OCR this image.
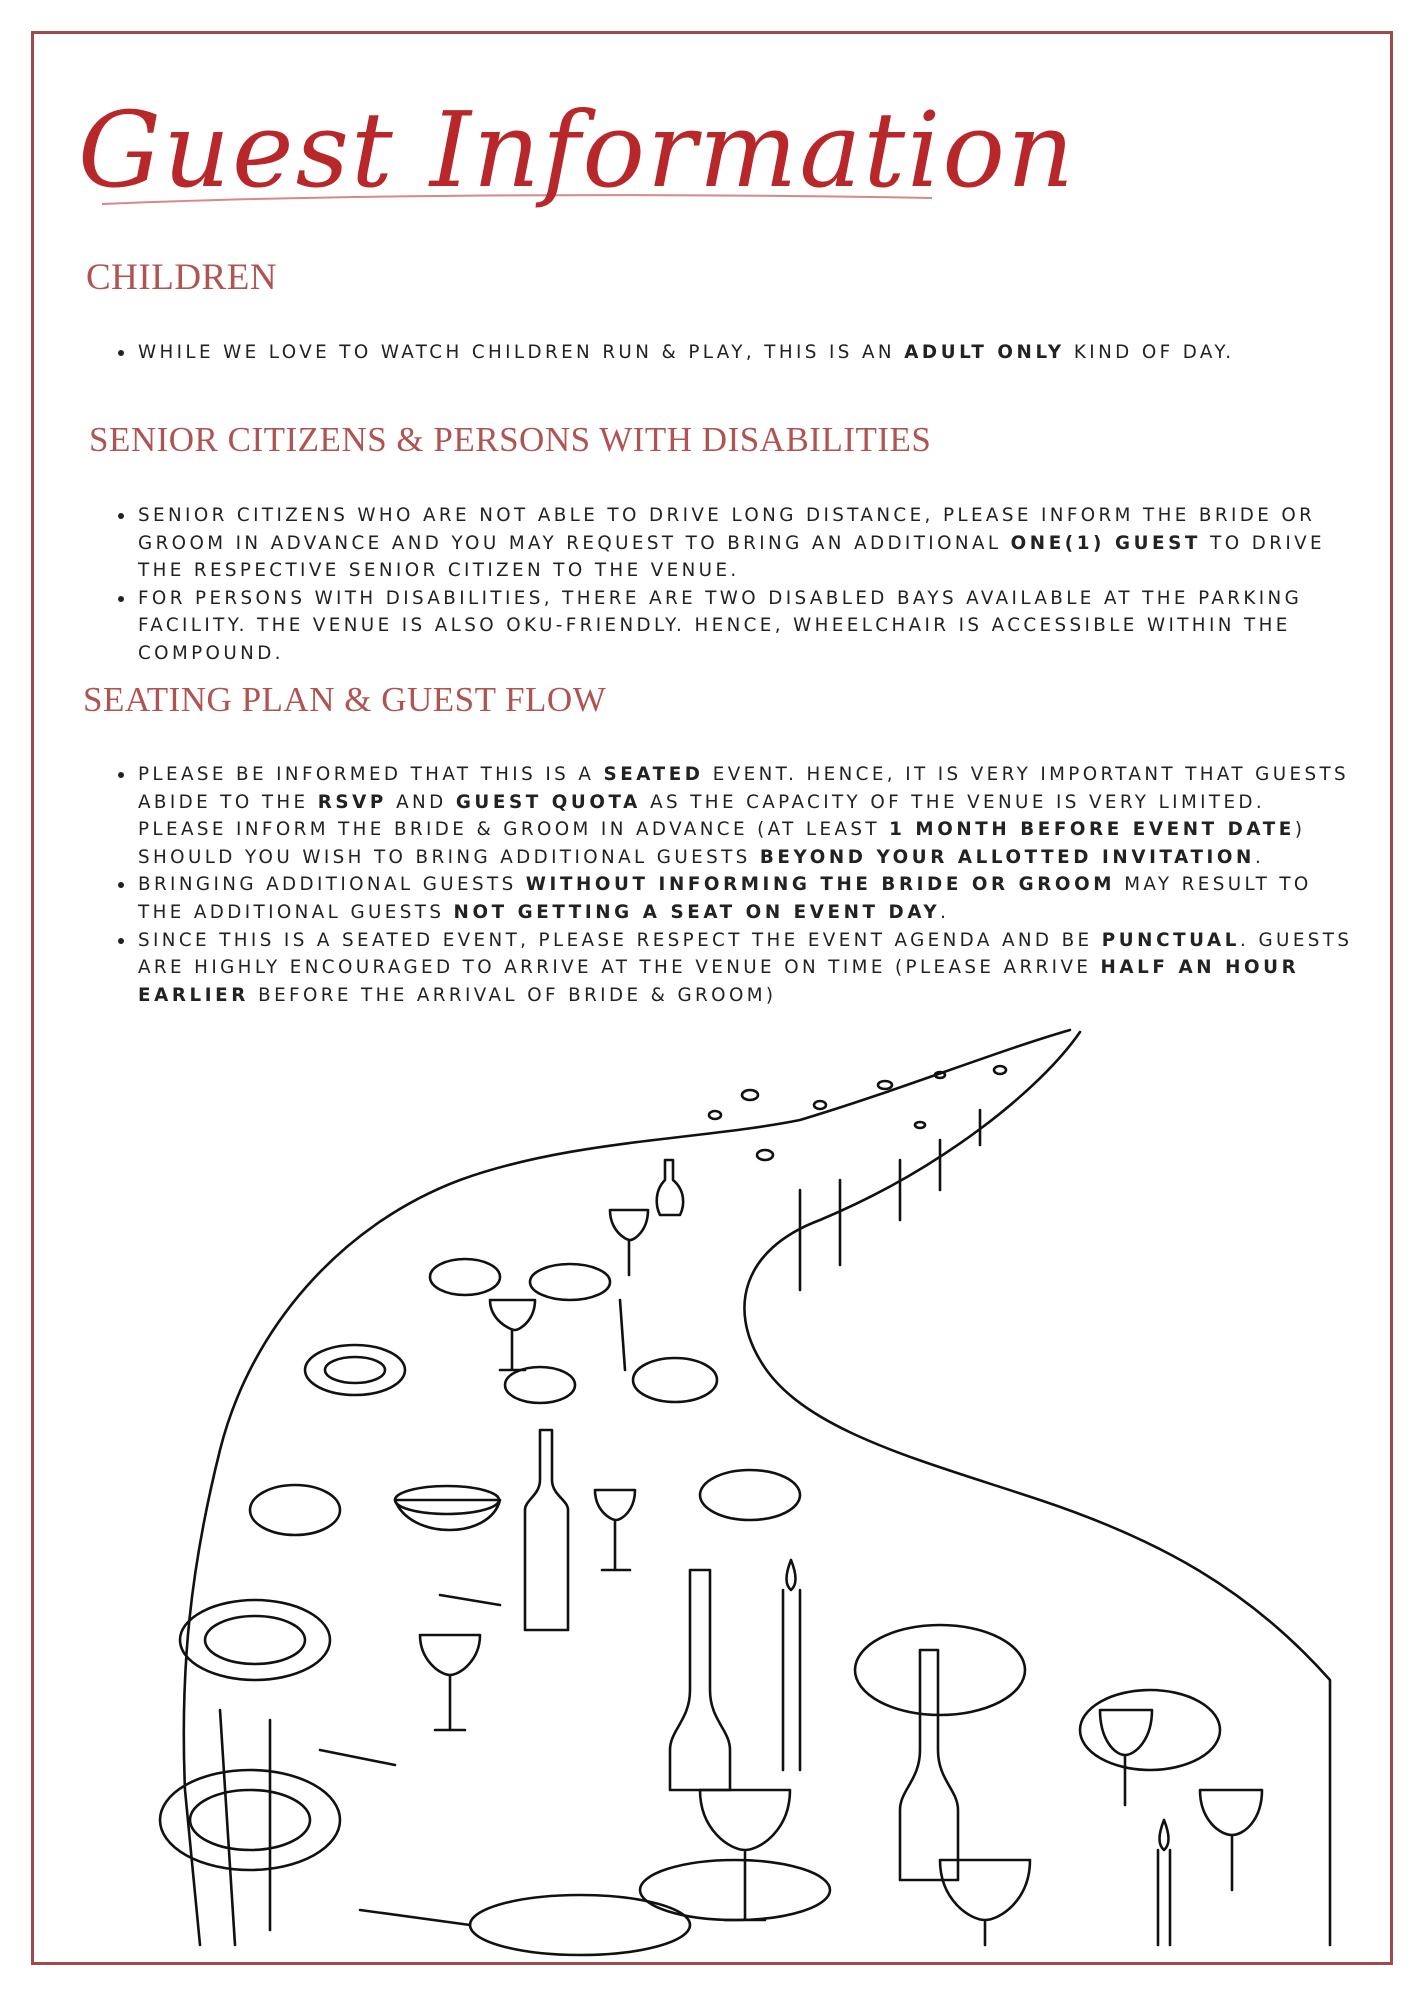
Guest Information
CHILDREN
WHILE WE LOVE TO WATCH CHILDREN RUN & PLAY, THIS IS AN ADULT ONLY KIND OF DAY.
SENIOR CITIZENS & PERSONS WITH DISABILITIES
SENIOR CITIZENS WHO ARE NOT ABLE TO DRIVE LONG DISTANCE, PLEASE INFORM THE BRIDE OR GROOM IN ADVANCE AND YOU MAY REQUEST TO BRING AN ADDITIONAL ONE(1) GUEST TO DRIVE THE RESPECTIVE SENIOR CITIZEN TO THE VENUE.
FOR PERSONS WITH DISABILITIES, THERE ARE TWO DISABLED BAYS AVAILABLE AT THE PARKING FACILITY. THE VENUE IS ALSO OKU-FRIENDLY. HENCE, WHEELCHAIR IS ACCESSIBLE WITHIN THE COMPOUND.
SEATING PLAN & GUEST FLOW
PLEASE BE INFORMED THAT THIS IS A SEATED EVENT. HENCE, IT IS VERY IMPORTANT THAT GUESTS ABIDE TO THE RSVP AND GUEST QUOTA AS THE CAPACITY OF THE VENUE IS VERY LIMITED. PLEASE INFORM THE BRIDE & GROOM IN ADVANCE (AT LEAST 1 MONTH BEFORE EVENT DATE) SHOULD YOU WISH TO BRING ADDITIONAL GUESTS BEYOND YOUR ALLOTTED INVITATION.
BRINGING ADDITIONAL GUESTS WITHOUT INFORMING THE BRIDE OR GROOM MAY RESULT TO THE ADDITIONAL GUESTS NOT GETTING A SEAT ON EVENT DAY.
SINCE THIS IS A SEATED EVENT, PLEASE RESPECT THE EVENT AGENDA AND BE PUNCTUAL. GUESTS ARE HIGHLY ENCOURAGED TO ARRIVE AT THE VENUE ON TIME (PLEASE ARRIVE HALF AN HOUR EARLIER BEFORE THE ARRIVAL OF BRIDE & GROOM)
